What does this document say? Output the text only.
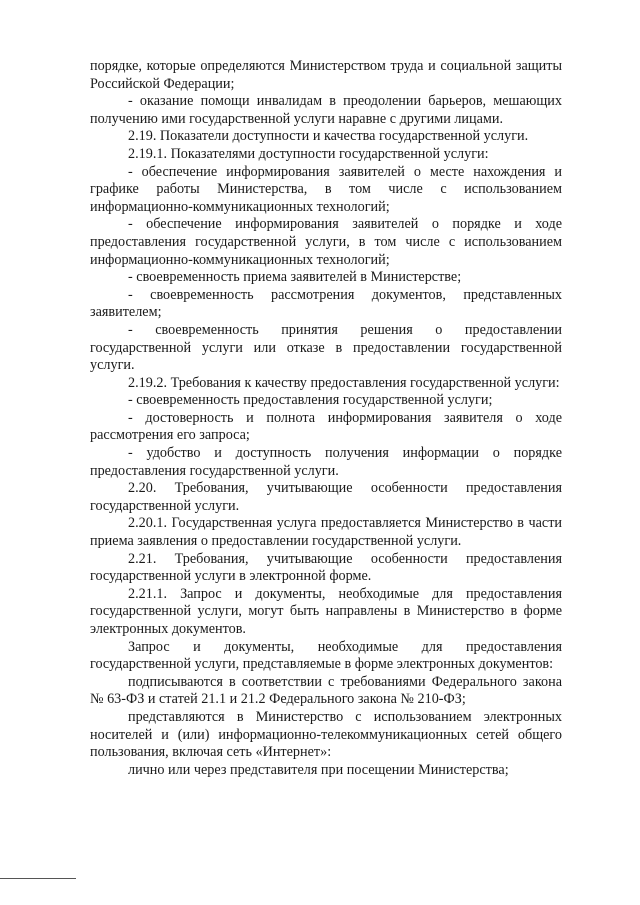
порядке, которые определяются Министерством труда и социальной защиты Российской Федерации;

- оказание помощи инвалидам в преодолении барьеров, мешающих получению ими государственной услуги наравне с другими лицами.

2.19. Показатели доступности и качества государственной услуги.

2.19.1. Показателями доступности государственной услуги:

- обеспечение информирования заявителей о месте нахождения и графике работы Министерства, в том числе с использованием информационно-коммуникационных технологий;

- обеспечение информирования заявителей о порядке и ходе предоставления государственной услуги, в том числе с использованием информационно-коммуникационных технологий;

- своевременность приема заявителей в Министерстве;

- своевременность рассмотрения документов, представленных заявителем;

- своевременность принятия решения о предоставлении государственной услуги или отказе в предоставлении государственной услуги.

2.19.2. Требования к качеству предоставления государственной услуги:

- своевременность предоставления государственной услуги;

- достоверность и полнота информирования заявителя о ходе рассмотрения его запроса;

- удобство и доступность получения информации о порядке предоставления государственной услуги.

2.20. Требования, учитывающие особенности предоставления государственной услуги.

2.20.1. Государственная услуга предоставляется Министерство в части приема заявления о предоставлении государственной услуги.

2.21. Требования, учитывающие особенности предоставления государственной услуги в электронной форме.

2.21.1. Запрос и документы, необходимые для предоставления государственной услуги, могут быть направлены в Министерство в форме электронных документов.

Запрос и документы, необходимые для предоставления государственной услуги, представляемые в форме электронных документов:

подписываются в соответствии с требованиями Федерального закона № 63-ФЗ и статей 21.1 и 21.2 Федерального закона № 210-ФЗ;

представляются в Министерство с использованием электронных носителей и (или) информационно-телекоммуникационных сетей общего пользования, включая сеть «Интернет»:

лично или через представителя при посещении Министерства;
